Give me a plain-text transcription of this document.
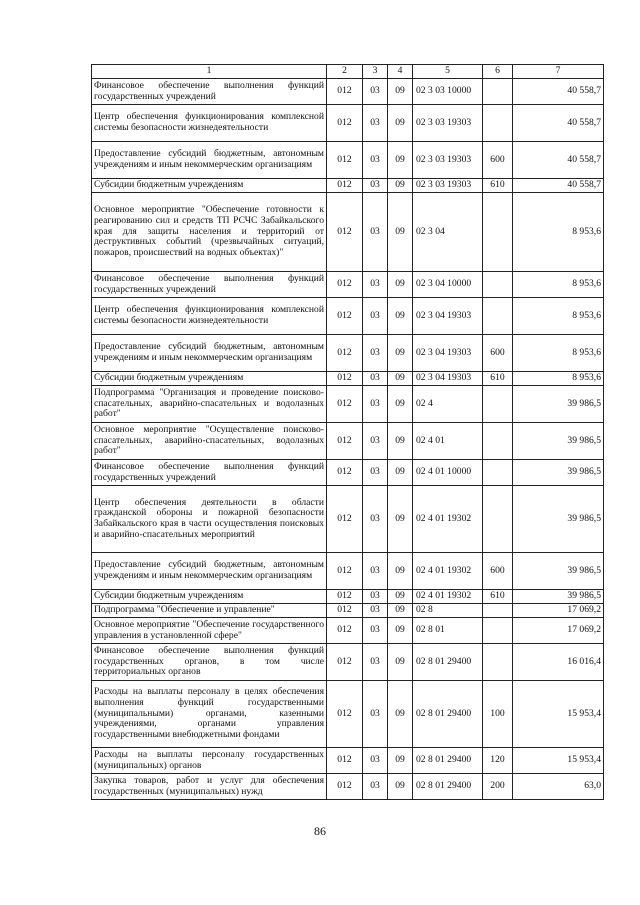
1	2	3	4	5	6	7
Финансовое обеспечение выполнения функций государственных учреждений	012	03	09	02 3 03 10000		40 558,7
Центр обеспечения функционирования комплексной системы безопасности жизнедеятельности	012	03	09	02 3 03 19303		40 558,7
Предоставление субсидий бюджетным, автономным учреждениям и иным некоммерческим организациям	012	03	09	02 3 03 19303	600	40 558,7
Субсидии бюджетным учреждениям	012	03	09	02 3 03 19303	610	40 558,7
Основное мероприятие "Обеспечение готовности к реагированию сил и средств ТП РСЧС Забайкальского края для защиты населения и территорий от деструктивных событий (чрезвычайных ситуаций, пожаров, происшествий на водных объектах)"	012	03	09	02 3 04		8 953,6
Финансовое обеспечение выполнения функций государственных учреждений	012	03	09	02 3 04 10000		8 953,6
Центр обеспечения функционирования комплексной системы безопасности жизнедеятельности	012	03	09	02 3 04 19303		8 953,6
Предоставление субсидий бюджетным, автономным учреждениям и иным некоммерческим организациям	012	03	09	02 3 04 19303	600	8 953,6
Субсидии бюджетным учреждениям	012	03	09	02 3 04 19303	610	8 953,6
Подпрограмма "Организация и проведение поисково-спасательных, аварийно-спасательных и водолазных работ"	012	03	09	02 4		39 986,5
Основное мероприятие "Осуществление поисково-спасательных, аварийно-спасательных, водолазных работ"	012	03	09	02 4 01		39 986,5
Финансовое обеспечение выполнения функций государственных учреждений	012	03	09	02 4 01 10000		39 986,5
Центр обеспечения деятельности в области гражданской обороны и пожарной безопасности Забайкальского края в части осуществления поисковых и аварийно-спасательных мероприятий	012	03	09	02 4 01 19302		39 986,5
Предоставление субсидий бюджетным, автономным учреждениям и иным некоммерческим организациям	012	03	09	02 4 01 19302	600	39 986,5
Субсидии бюджетным учреждениям	012	03	09	02 4 01 19302	610	39 986,5
Подпрограмма "Обеспечение и управление"	012	03	09	02 8		17 069,2
Основное мероприятие "Обеспечение государственного управления в установленной сфере"	012	03	09	02 8 01		17 069,2
Финансовое обеспечение выполнения функций государственных органов, в том числе территориальных органов	012	03	09	02 8 01 29400		16 016,4
Расходы на выплаты персоналу в целях обеспечения выполнения функций государственными (муниципальными) органами, казенными учреждениями, органами управления государственными внебюджетными фондами	012	03	09	02 8 01 29400	100	15 953,4
Расходы на выплаты персоналу государственных (муниципальных) органов	012	03	09	02 8 01 29400	120	15 953,4
Закупка товаров, работ и услуг для обеспечения государственных (муниципальных) нужд	012	03	09	02 8 01 29400	200	63,0
86
